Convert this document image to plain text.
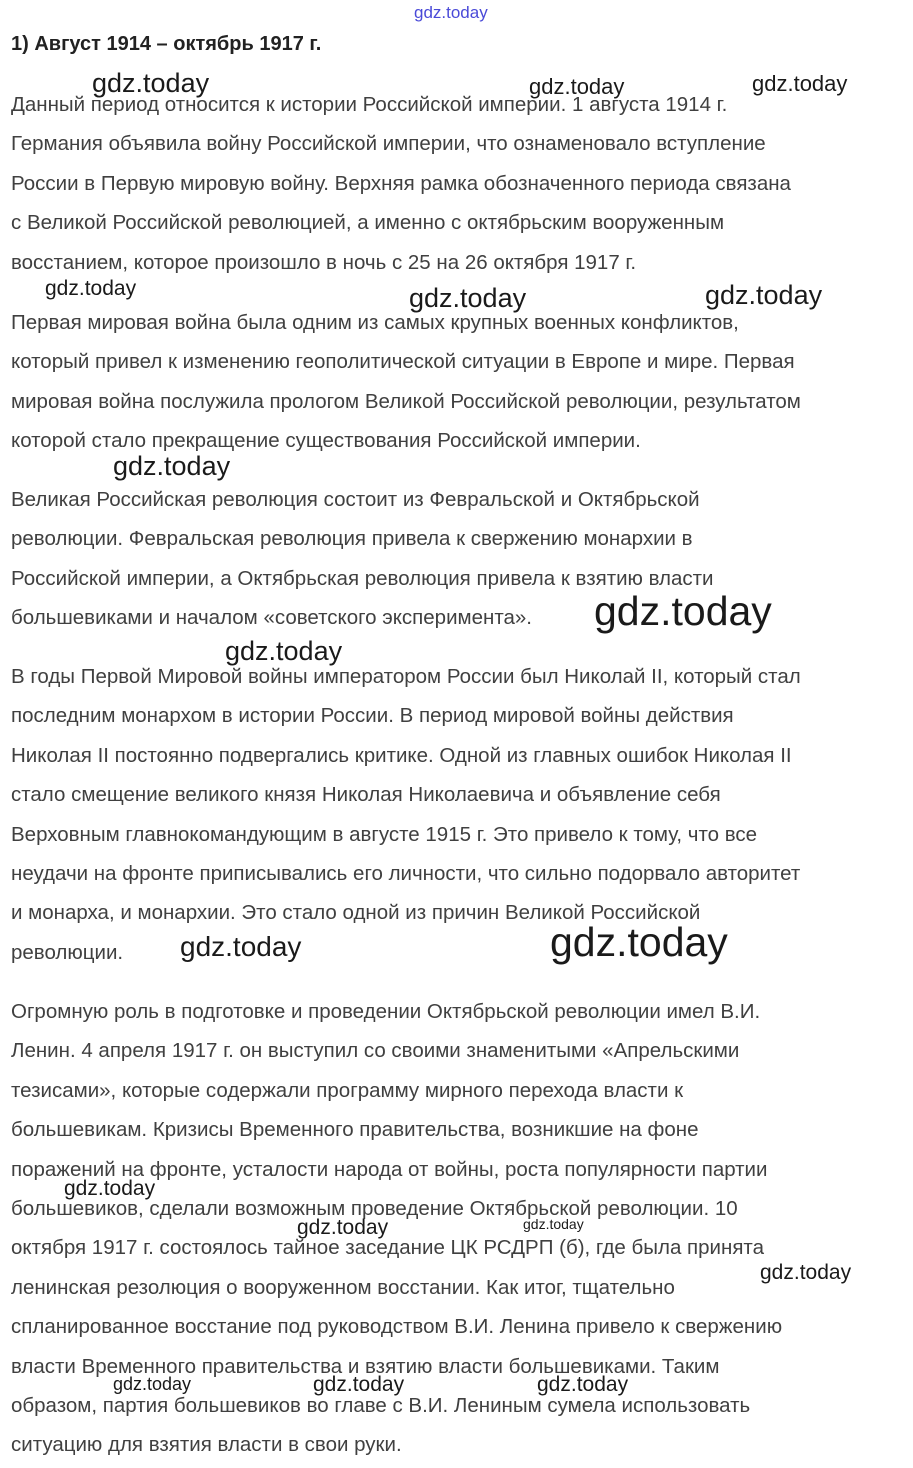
1) Август 1914 – октябрь 1917 г.

Данный период относится к истории Российской империи. 1 августа 1914 г.
Германия объявила войну Российской империи, что ознаменовало вступление
России в Первую мировую войну. Верхняя рамка обозначенного периода связана
с Великой Российской революцией, а именно с октябрьским вооруженным
восстанием, которое произошло в ночь с 25 на 26 октября 1917 г.

Первая мировая война была одним из самых крупных военных конфликтов,
который привел к изменению геополитической ситуации в Европе и мире. Первая
мировая война послужила прологом Великой Российской революции, результатом
которой стало прекращение существования Российской империи.

Великая Российская революция состоит из Февральской и Октябрьской
революции. Февральская революция привела к свержению монархии в
Российской империи, а Октябрьская революция привела к взятию власти
большевиками и началом «советского эксперимента».

В годы Первой Мировой войны императором России был Николай II, который стал
последним монархом в истории России. В период мировой войны действия
Николая II постоянно подвергались критике. Одной из главных ошибок Николая II
стало смещение великого князя Николая Николаевича и объявление себя
Верховным главнокомандующим в августе 1915 г. Это привело к тому, что все
неудачи на фронте приписывались его личности, что сильно подорвало авторитет
и монарха, и монархии. Это стало одной из причин Великой Российской
революции.

Огромную роль в подготовке и проведении Октябрьской революции имел В.И.
Ленин. 4 апреля 1917 г. он выступил со своими знаменитыми «Апрельскими
тезисами», которые содержали программу мирного перехода власти к
большевикам. Кризисы Временного правительства, возникшие на фоне
поражений на фронте, усталости народа от войны, роста популярности партии
большевиков, сделали возможным проведение Октябрьской революции. 10
октября 1917 г. состоялось тайное заседание ЦК РСДРП (б), где была принята
ленинская резолюция о вооруженном восстании. Как итог, тщательно
спланированное восстание под руководством В.И. Ленина привело к свержению
власти Временного правительства и взятию власти большевиками. Таким
образом, партия большевиков во главе с В.И. Лениным сумела использовать
ситуацию для взятия власти в свои руки.

gdz.today
gdz.today	gdz.today	gdz.today
gdz.today	gdz.today	gdz.today
gdz.today
gdz.today
gdz.today
gdz.today	gdz.today
gdz.today
gdz.today
gdz.today
gdz.today
gdz.today	gdz.today	gdz.today
